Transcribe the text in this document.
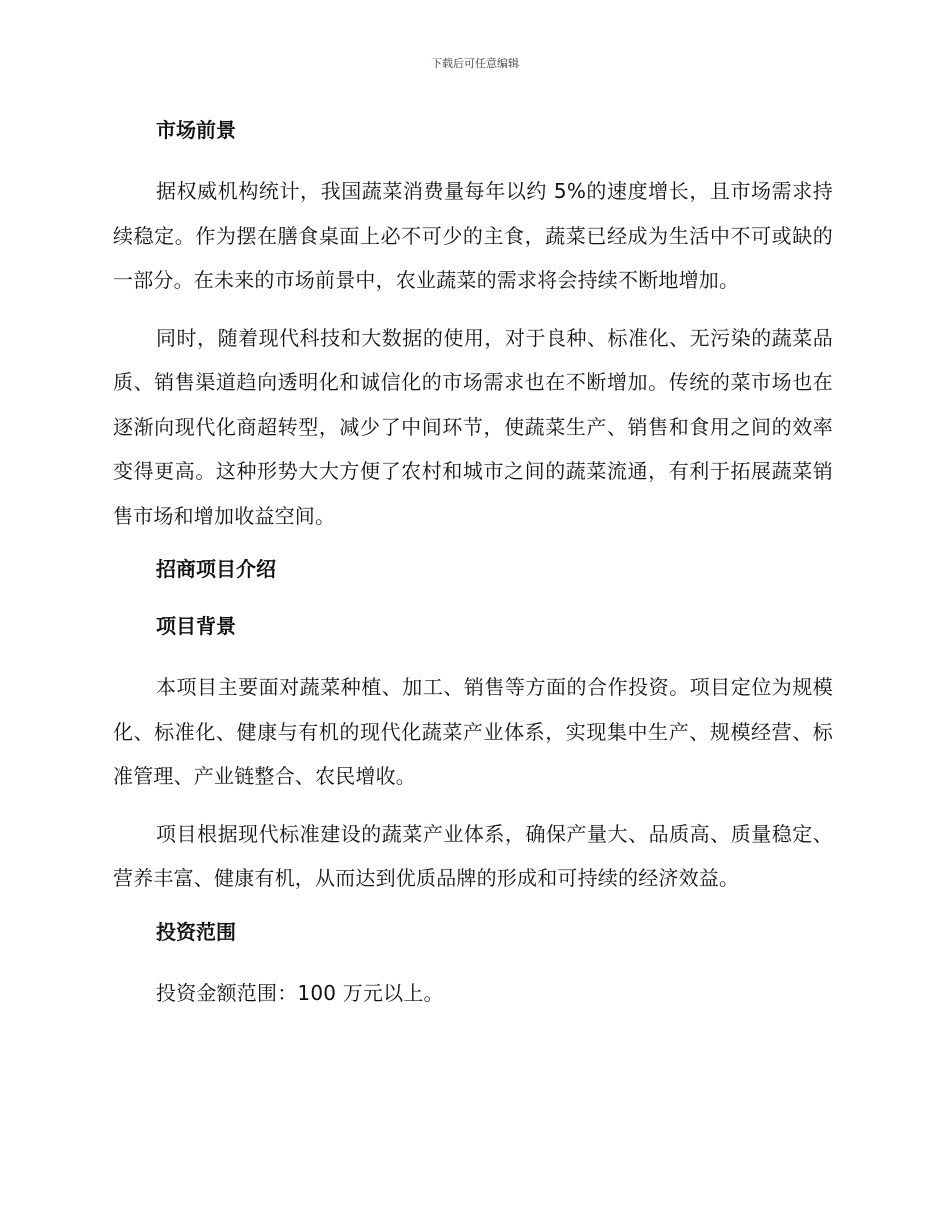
下载后可任意编辑
市场前景

据权威机构统计，我国蔬菜消费量每年以约 5%的速度增长，且市场需求持续稳定。作为摆在膳食桌面上必不可少的主食，蔬菜已经成为生活中不可或缺的一部分。在未来的市场前景中，农业蔬菜的需求将会持续不断地增加。

同时，随着现代科技和大数据的使用，对于良种、标准化、无污染的蔬菜品质、销售渠道趋向透明化和诚信化的市场需求也在不断增加。传统的菜市场也在逐渐向现代化商超转型，减少了中间环节，使蔬菜生产、销售和食用之间的效率变得更高。这种形势大大方便了农村和城市之间的蔬菜流通，有利于拓展蔬菜销售市场和增加收益空间。

招商项目介绍
项目背景

本项目主要面对蔬菜种植、加工、销售等方面的合作投资。项目定位为规模化、标准化、健康与有机的现代化蔬菜产业体系，实现集中生产、规模经营、标准管理、产业链整合、农民增收。

项目根据现代标准建设的蔬菜产业体系，确保产量大、品质高、质量稳定、营养丰富、健康有机，从而达到优质品牌的形成和可持续的经济效益。

投资范围

投资金额范围：100 万元以上。
